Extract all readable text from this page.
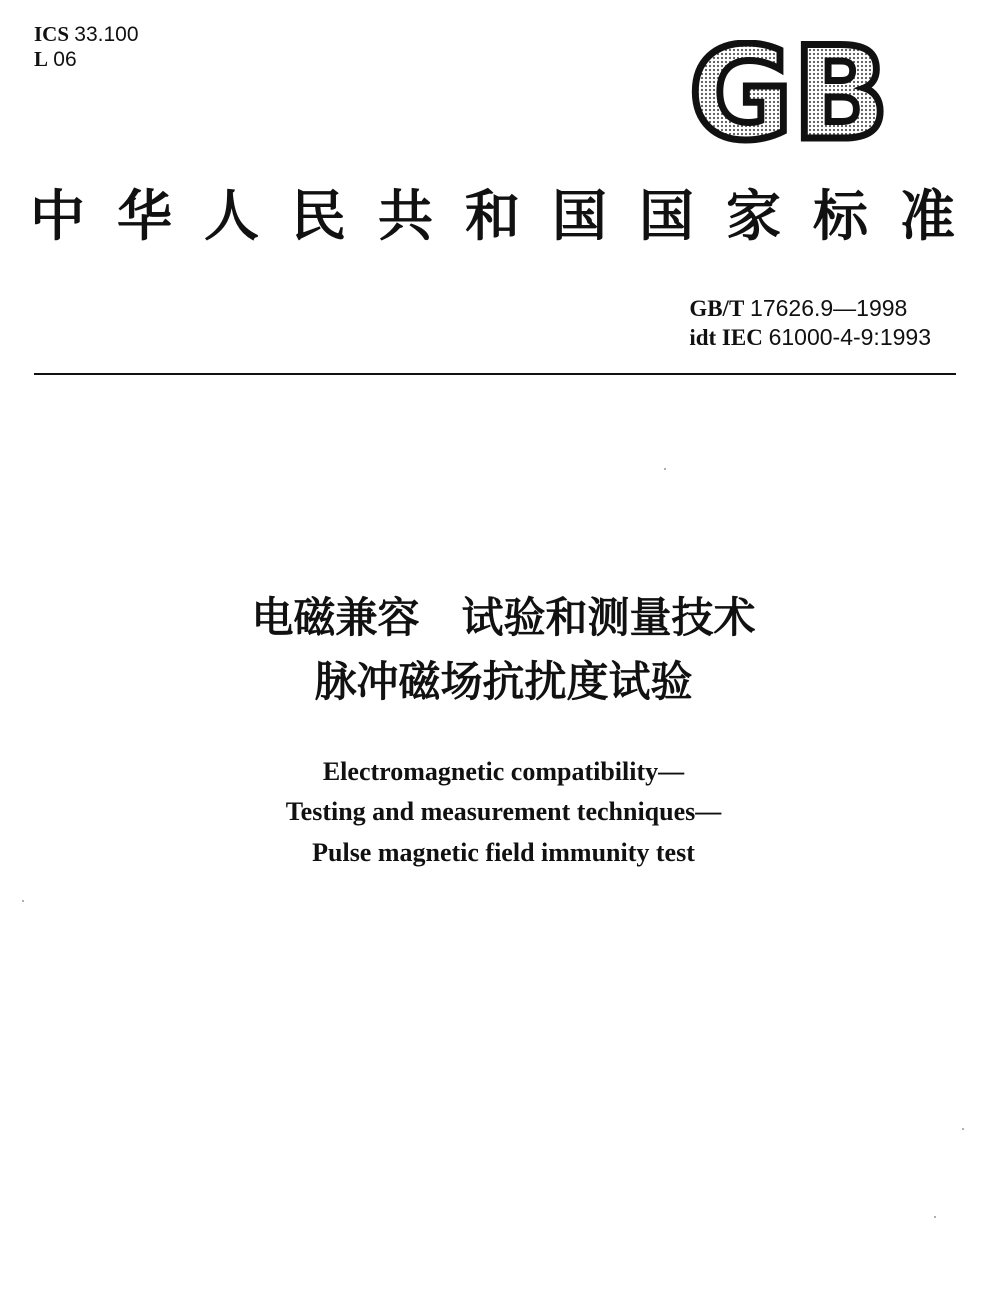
ICS 33.100
L 06	GB
中华人民共和国国家标准
GB/T 17626.9—1998
idt IEC 61000-4-9:1993
电磁兼容　试验和测量技术
脉冲磁场抗扰度试验
Electromagnetic compatibility—
Testing and measurement techniques—
Pulse magnetic field immunity test
